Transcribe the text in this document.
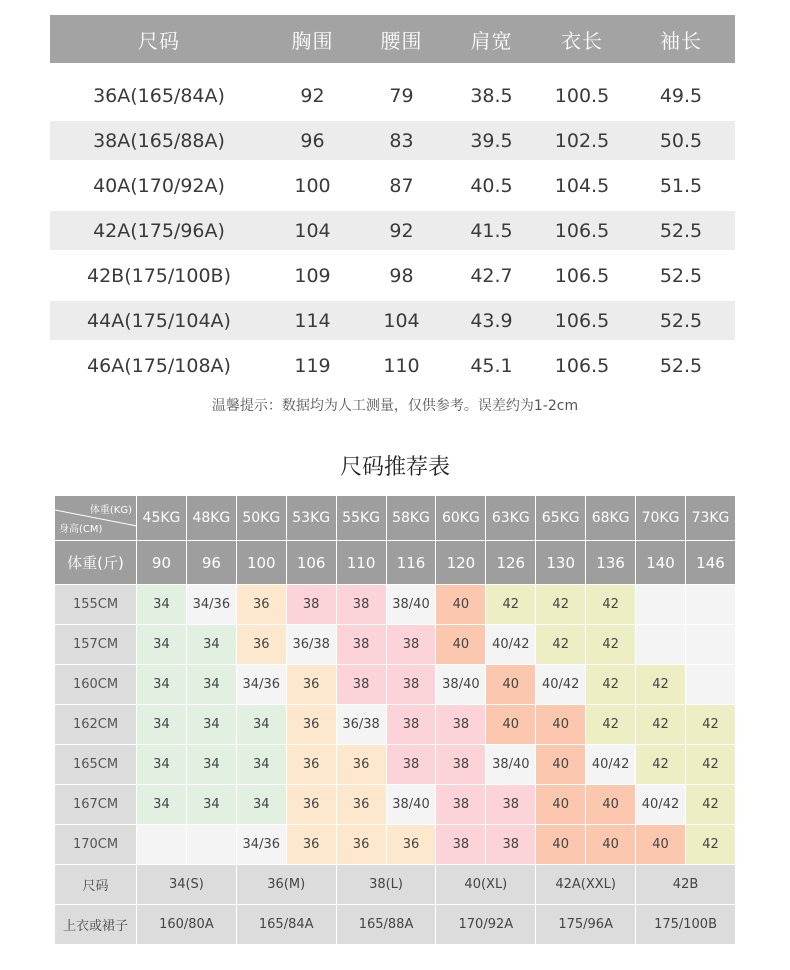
尺码	胸围	腰围	肩宽	衣长	袖长

36A(165/84A)	92	79	38.5	100.5	49.5
38A(165/88A)	96	83	39.5	102.5	50.5
40A(170/92A)	100	87	40.5	104.5	51.5
42A(175/96A)	104	92	41.5	106.5	52.5
42B(175/100B)	109	98	42.7	106.5	52.5
44A(175/104A)	114	104	43.9	106.5	52.5
46A(175/108A)	119	110	45.1	106.5	52.5
温馨提示：数据均为人工测量，仅供参考。误差约为1-2cm
尺码推荐表
体重(KG)
身高(CM)	45KG	48KG	50KG	53KG	55KG	58KG	60KG	63KG	65KG	68KG	70KG	73KG
体重(斤)	90	96	100	106	110	116	120	126	130	136	140	146
155CM	34	34/36	36	38	38	38/40	40	42	42	42		
157CM	34	34	36	36/38	38	38	40	40/42	42	42		
160CM	34	34	34/36	36	38	38	38/40	40	40/42	42	42	
162CM	34	34	34	36	36/38	38	38	40	40	42	42	42
165CM	34	34	34	36	36	38	38	38/40	40	40/42	42	42
167CM	34	34	34	36	36	38/40	38	38	40	40	40/42	42
170CM			34/36	36	36	36	38	38	40	40	40	42
尺码	34(S)		36(M)		38(L)		40(XL)		42A(XXL)		42B	
上衣或裙子	160/80A		165/84A		165/88A		170/92A		175/96A		175/100B	
